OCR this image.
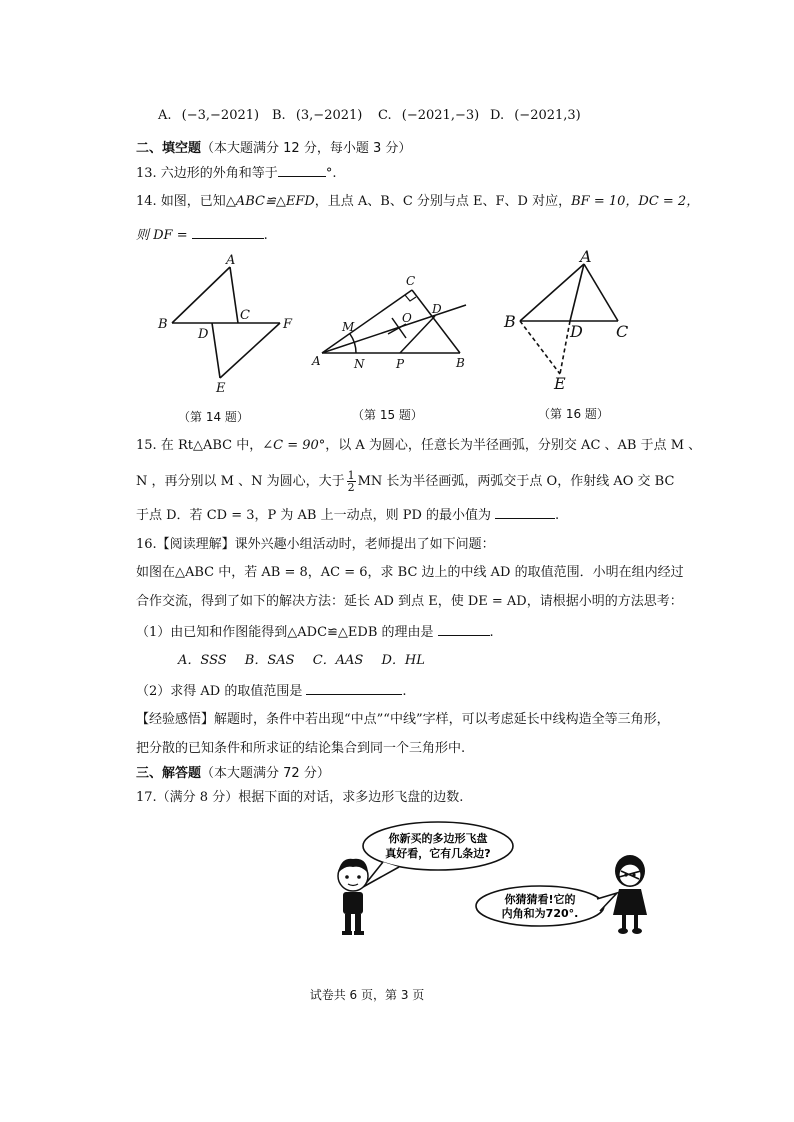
A. (−3,−2021) B. (3,−2021) C. (−2021,−3) D. (−2021,3)
二、填空题（本大题满分 12 分，每小题 3 分）
13. 六边形的外角和等于	°.
14. 如图，已知△ABC≌△EFD，且点 A、B、C 分别与点 E、F、D 对应，BF = 10，DC = 2，
则 DF =	.
A
B
C
D
E
F
A	B
C
D
M
N
O
P
A
B
C
D
E
（第 14 题）	（第 15 题）	（第 16 题）
15. 在 Rt△ABC 中，∠C = 90°，以 A 为圆心，任意长为半径画弧，分别交 AC 、AB 于点 M 、
N ，再分别以 M 、N 为圆心，大于 $\frac{1}{2}$ MN 长为半径画弧，两弧交于点 O，作射线 AO 交 BC
于点 D．若 CD = 3，P 为 AB 上一动点，则 PD 的最小值为	.
16.【阅读理解】课外兴趣小组活动时，老师提出了如下问题：
如图在△ABC 中，若 AB = 8，AC = 6，求 BC 边上的中线 AD 的取值范围．小明在组内经过
合作交流，得到了如下的解决方法：延长 AD 到点 E，使 DE = AD，请根据小明的方法思考：
（1）由已知和作图能得到△ADC≌△EDB 的理由是	.
A．SSS B．SAS C．AAS D．HL
（2）求得 AD 的取值范围是	.
【经验感悟】解题时，条件中若出现“中点”“中线”字样，可以考虑延长中线构造全等三角形，
把分散的已知条件和所求证的结论集合到同一个三角形中.
三、解答题（本大题满分 72 分）
17.（满分 8 分）根据下面的对话，求多边形飞盘的边数.
你新买的多边形飞盘
真好看，它有几条边?
你猜猜看!它的
内角和为720°.
试卷共 6 页，第 3 页
